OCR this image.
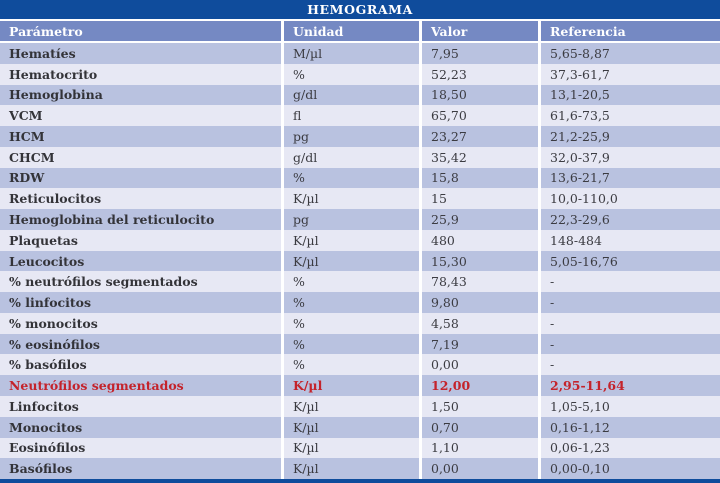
HEMOGRAMA
Parámetro	Unidad	Valor	Referencia
Hematíes	M/µl	7,95	5,65-8,87
Hematocrito	%	52,23	37,3-61,7
Hemoglobina	g/dl	18,50	13,1-20,5
VCM	fl	65,70	61,6-73,5
HCM	pg	23,27	21,2-25,9
CHCM	g/dl	35,42	32,0-37,9
RDW	%	15,8	13,6-21,7
Reticulocitos	K/µl	15	10,0-110,0
Hemoglobina del reticulocito	pg	25,9	22,3-29,6
Plaquetas	K/µl	480	148-484
Leucocitos	K/µl	15,30	5,05-16,76
% neutrófilos segmentados	%	78,43	-
% linfocitos	%	9,80	-
% monocitos	%	4,58	-
% eosinófilos	%	7,19	-
% basófilos	%	0,00	-
Neutrófilos segmentados	K/µl	12,00	2,95-11,64
Linfocitos	K/µl	1,50	1,05-5,10
Monocitos	K/µl	0,70	0,16-1,12
Eosinófilos	K/µl	1,10	0,06-1,23
Basófilos	K/µl	0,00	0,00-0,10
